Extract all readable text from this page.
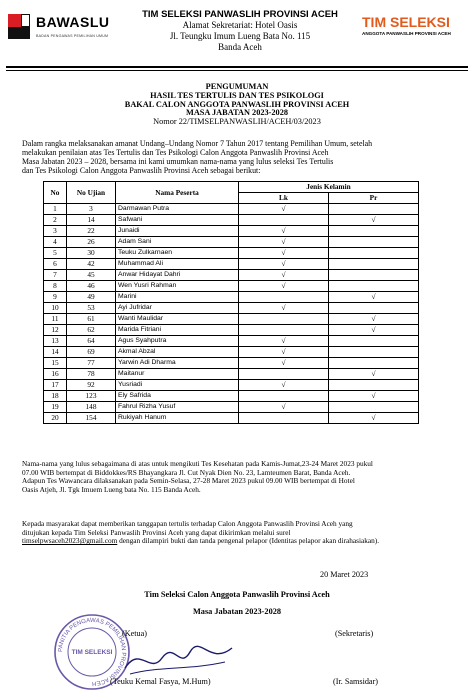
BAWASLU
BADAN PENGAWAS PEMILIHAN UMUM
TIM SELEKSI PANWASLIH PROVINSI ACEH
Alamat Sekretariat: Hotel Oasis
Jl. Teungku Imum Lueng Bata No. 115
Banda Aceh
TIM SELEKSI
ANGGOTA PANWASLIH PROVINSI ACEH
PENGUMUMAN
HASIL TES TERTULIS DAN TES PSIKOLOGI
BAKAL CALON ANGGOTA PANWASLIH PROVINSI ACEH
MASA JABATAN 2023-2028
Nomor 22/TIMSELPANWASLIH/ACEH/03/2023
Dalam rangka melaksanakan amanat Undang–Undang Nomor 7 Tahun 2017 tentang Pemilihan Umum, setelah
melakukan penilaian atas Tes Tertulis dan Tes Psikologi Calon Anggota Panwaslih Provinsi Aceh
Masa Jabatan 2023 – 2028, bersama ini kami umumkan nama-nama yang lulus seleksi Tes Tertulis
dan Tes Psikologi Calon Anggota Panwaslih Provinsi Aceh sebagai berikut:
No	No Ujian	Nama Peserta	Jenis Kelamin	
			Lk	Pr
1	3	Darmawan Putra	√	
2	14	Safwani		√
3	22	Junaidi	√	
4	26	Adam Sani	√	
5	30	Teuku Zulkarnaen	√	
6	42	Muhammad Ali	√	
7	45	Anwar Hidayat Dahri	√	
8	46	Wen Yusri Rahman	√	
9	49	Marini		√
10	53	Ayi Jufridar	√	
11	61	Wanti Maulidar		√
12	62	Marida Fitriani		√
13	64	Agus Syahputra	√	
14	69	Akmal Abzal	√	
15	77	Yarwin Adi Dharma	√	
16	78	Maitanur		√
17	92	Yusriadi	√	
18	123	Ely Safrida		√
19	148	Fahrul Rizha Yusuf	√	
20	154	Rukiyah Hanum		√
Nama-nama yang lulus sebagaimana di atas untuk mengikuti Tes Kesehatan pada Kamis-Jumat,23-24 Maret 2023 pukul
07.00 WIB bertempat di Biddokkes/RS Bhayangkara Jl. Cut Nyak Dien No. 23, Lamteumen Barat, Banda Aceh.
Adapun Tes Wawancara dilaksanakan pada Semin-Selasa, 27-28 Maret 2023 pukul 09.00 WIB bertempat di Hotel
Oasis Atjeh, Jl. Tgk Imuem Lueng bata No. 115 Banda Aceh.
Kepada masyarakat dapat memberikan tanggapan tertulis terhadap Calon Anggota Panwaslih Provinsi Aceh yang
ditujukan kepada Tim Seleksi Panwaslih Provinsi Aceh yang dapat dikirimkan melalui surel
timselpwsaceh2023@gmail.com dengan dilampiri bukti dan tanda pengenal pelapor (Identitas pelapor akan dirahasiakan).
20 Maret 2023
Tim Seleksi Calon Anggota Panwaslih Provinsi Aceh
Masa Jabatan 2023-2028
PANITIA PENGAWAS PEMILIHAN PROVINSI ACEH
TIM SELEKSI
(Ketua)	(Sekretaris)
(Teuku Kemal Fasya, M.Hum)	(Ir. Samsidar)
